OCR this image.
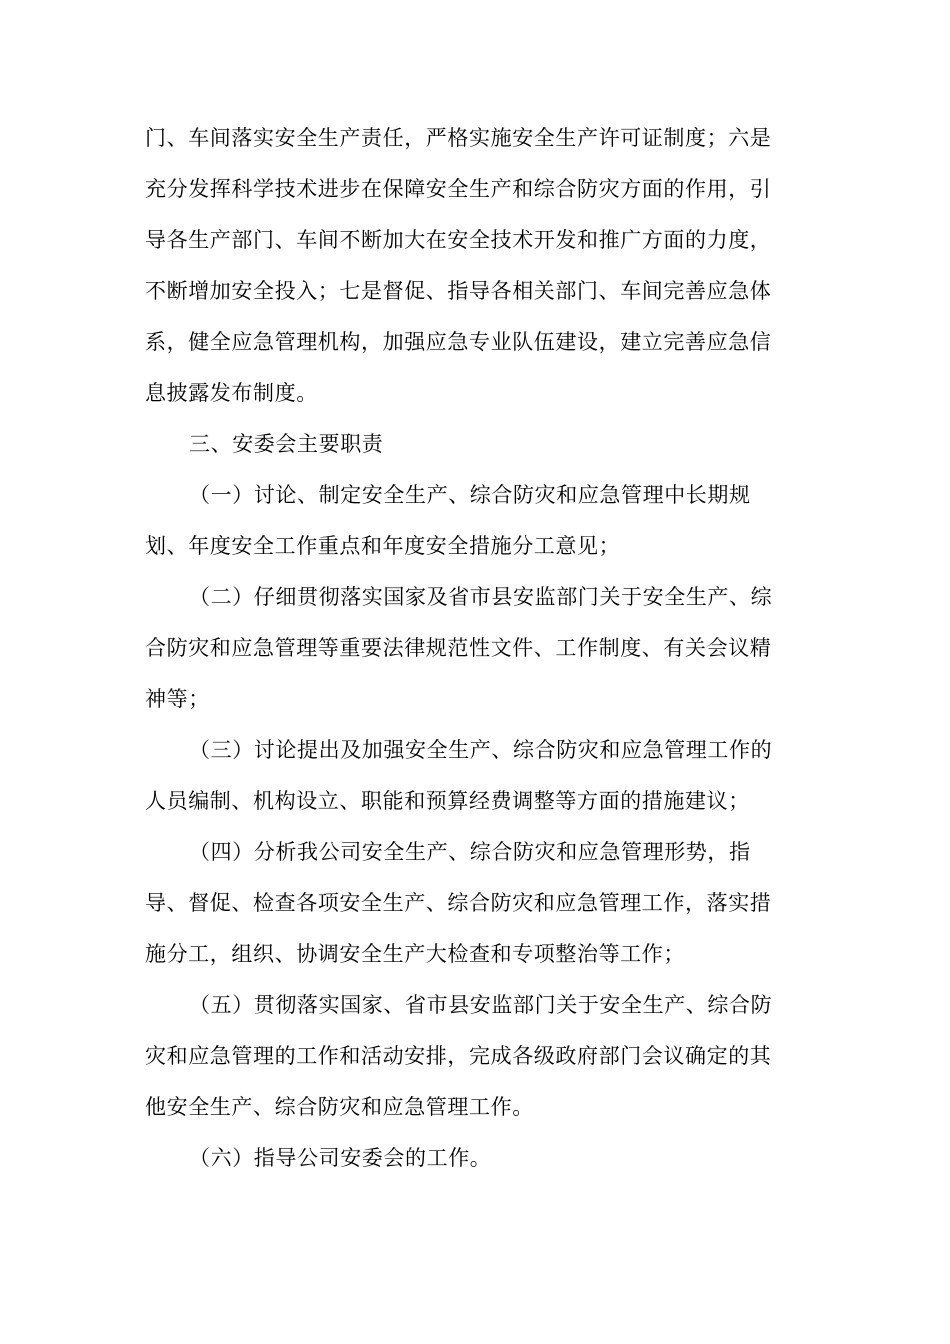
门、车间落实安全生产责任，严格实施安全生产许可证制度；六是
充分发挥科学技术进步在保障安全生产和综合防灾方面的作用，引
导各生产部门、车间不断加大在安全技术开发和推广方面的力度，
不断增加安全投入；七是督促、指导各相关部门、车间完善应急体
系，健全应急管理机构，加强应急专业队伍建设，建立完善应急信
息披露发布制度。
三、安委会主要职责
（一）讨论、制定安全生产、综合防灾和应急管理中长期规
划、年度安全工作重点和年度安全措施分工意见；
（二）仔细贯彻落实国家及省市县安监部门关于安全生产、综
合防灾和应急管理等重要法律规范性文件、工作制度、有关会议精
神等；
（三）讨论提出及加强安全生产、综合防灾和应急管理工作的
人员编制、机构设立、职能和预算经费调整等方面的措施建议；
（四）分析我公司安全生产、综合防灾和应急管理形势，指
导、督促、检查各项安全生产、综合防灾和应急管理工作，落实措
施分工，组织、协调安全生产大检查和专项整治等工作；
（五）贯彻落实国家、省市县安监部门关于安全生产、综合防
灾和应急管理的工作和活动安排，完成各级政府部门会议确定的其
他安全生产、综合防灾和应急管理工作。
（六）指导公司安委会的工作。
